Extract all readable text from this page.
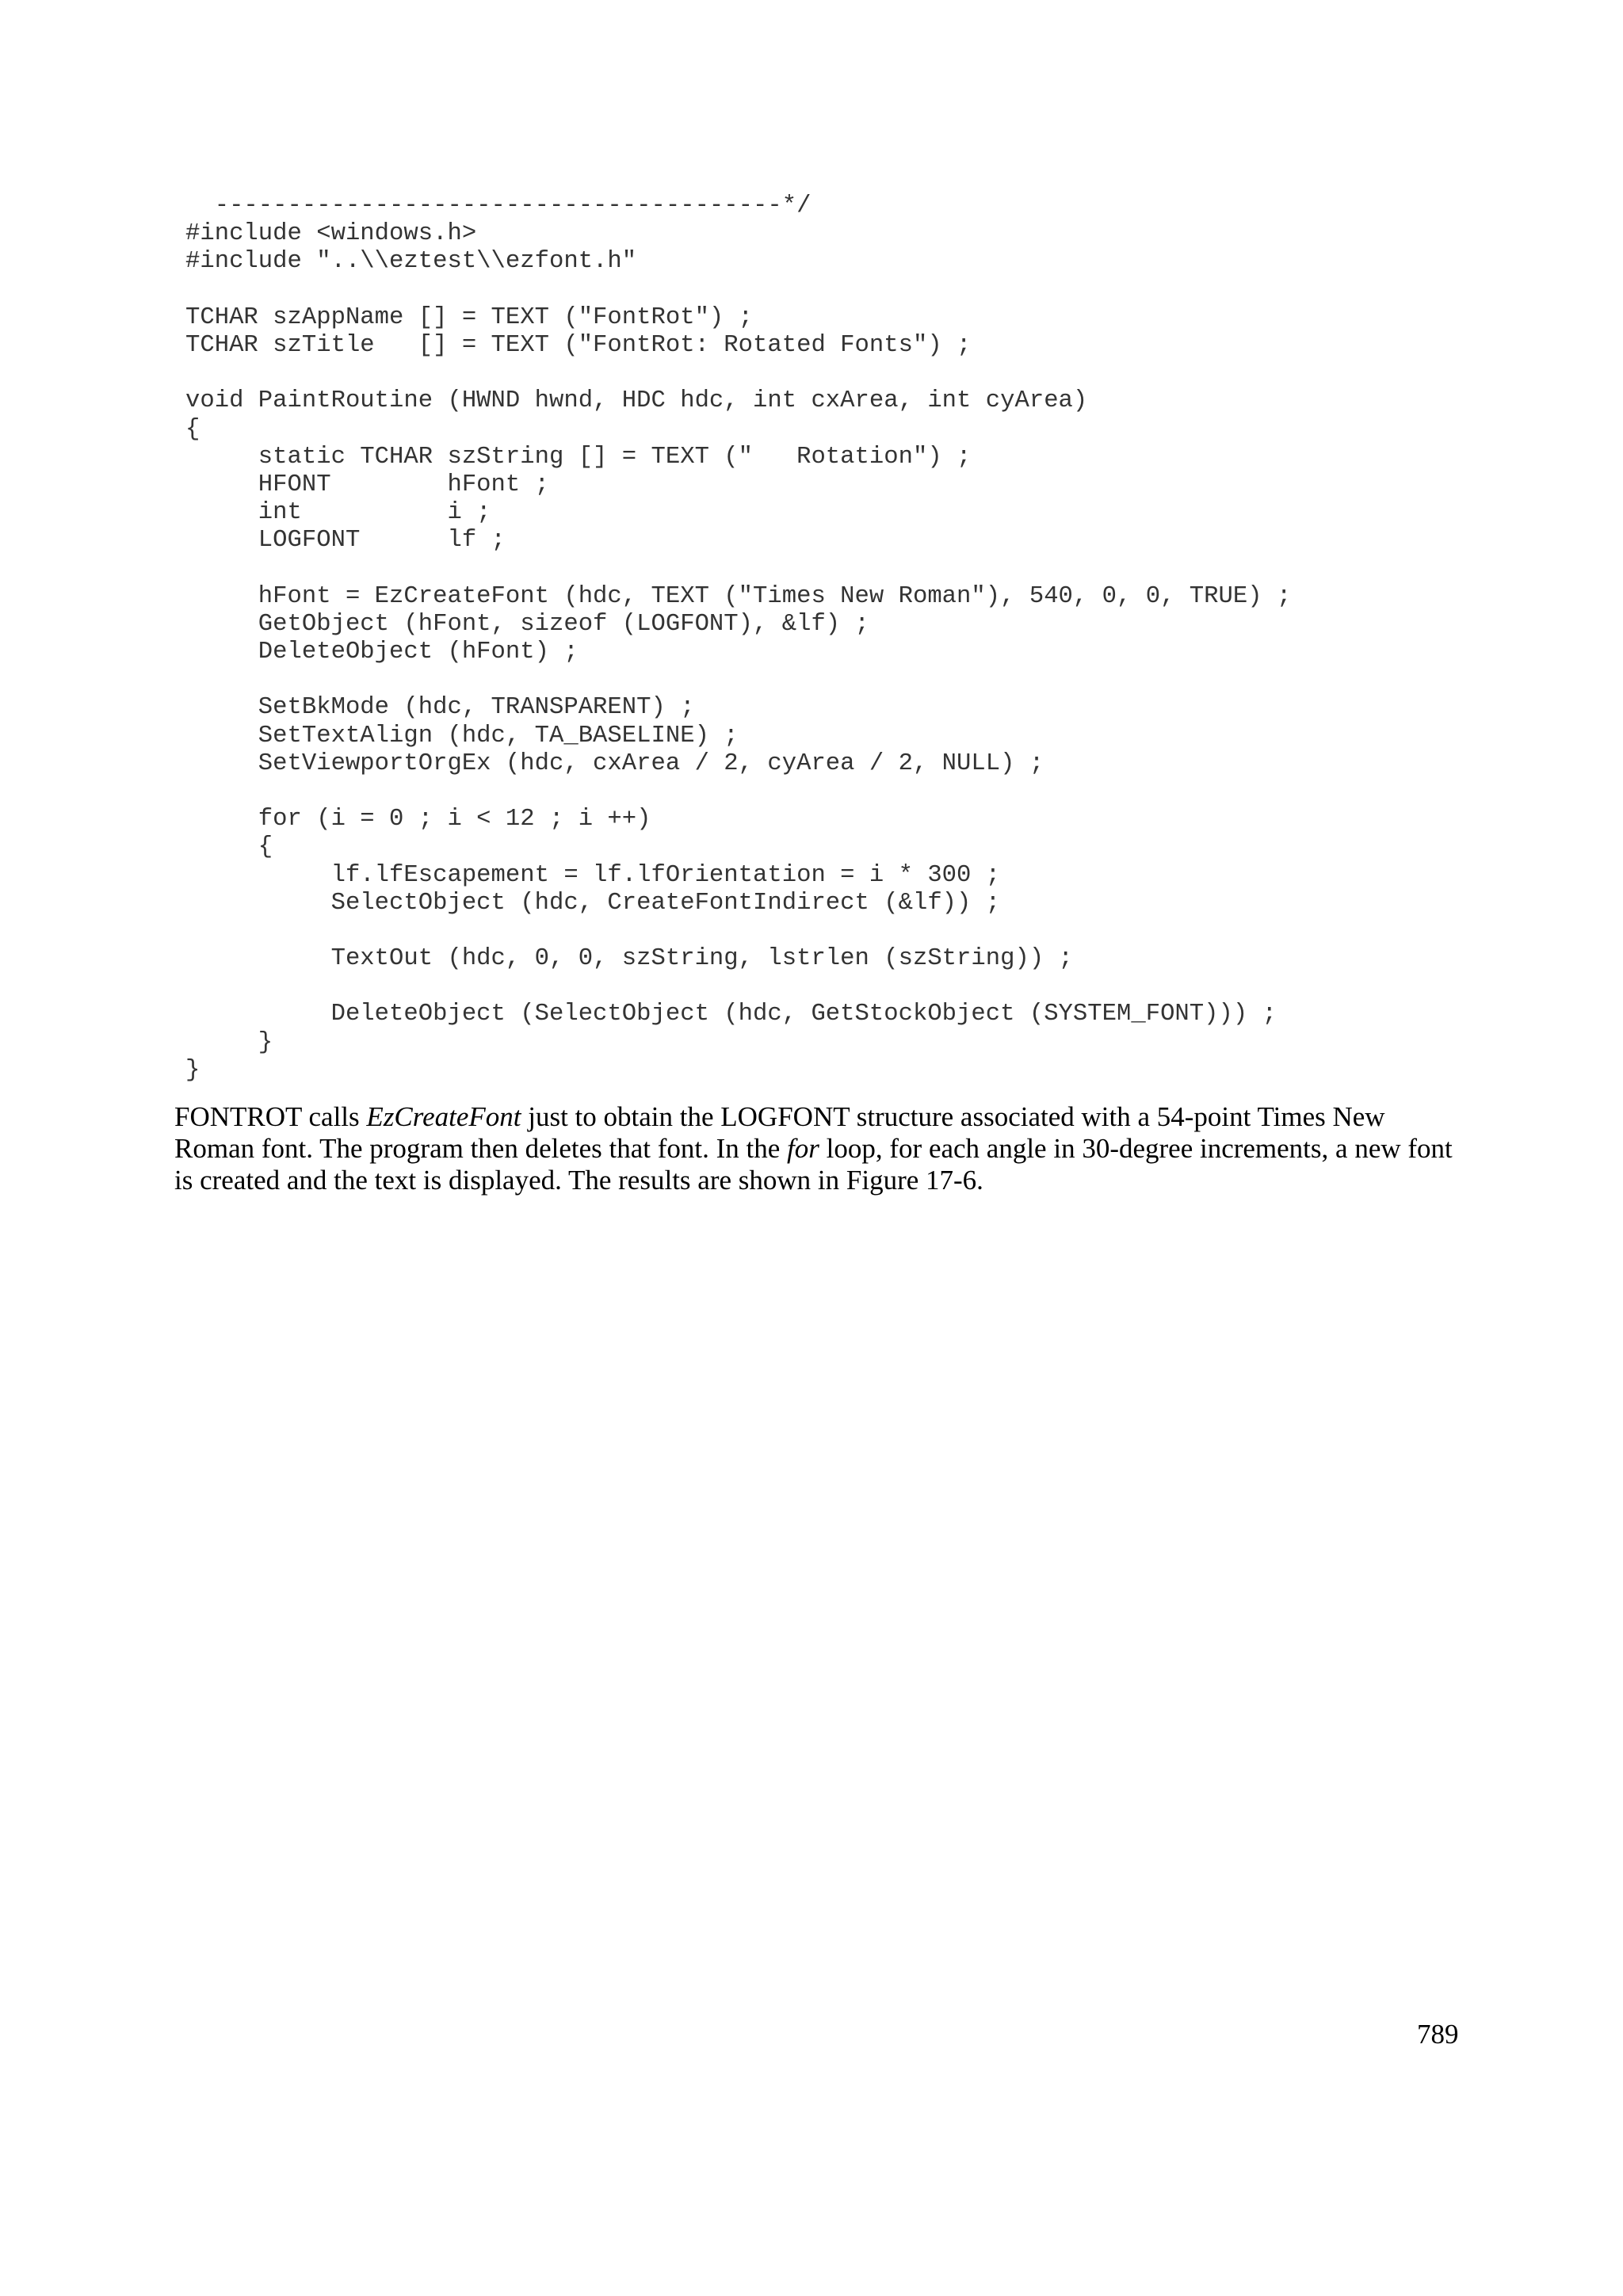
---------------------------------------*/
#include <windows.h>
#include "..\\eztest\\ezfont.h"
TCHAR szAppName [] = TEXT ("FontRot") ;
TCHAR szTitle   [] = TEXT ("FontRot: Rotated Fonts") ;
void PaintRoutine (HWND hwnd, HDC hdc, int cxArea, int cyArea)
{
static TCHAR szString [] = TEXT ("   Rotation") ;
HFONT        hFont ;
int          i ;
LOGFONT      lf ;
hFont = EzCreateFont (hdc, TEXT ("Times New Roman"), 540, 0, 0, TRUE) ;
GetObject (hFont, sizeof (LOGFONT), &lf) ;
DeleteObject (hFont) ;
SetBkMode (hdc, TRANSPARENT) ;
SetTextAlign (hdc, TA_BASELINE) ;
SetViewportOrgEx (hdc, cxArea / 2, cyArea / 2, NULL) ;
for (i = 0 ; i < 12 ; i ++)
{
lf.lfEscapement = lf.lfOrientation = i * 300 ;
SelectObject (hdc, CreateFontIndirect (&lf)) ;
TextOut (hdc, 0, 0, szString, lstrlen (szString)) ;
DeleteObject (SelectObject (hdc, GetStockObject (SYSTEM_FONT))) ;
}
}

FONTROT calls EzCreateFont just to obtain the LOGFONT structure associated with a 54-point Times New Roman font. The program then deletes that font. In the for loop, for each angle in 30-degree increments, a new font is created and the text is displayed. The results are shown in Figure 17-6.

789
